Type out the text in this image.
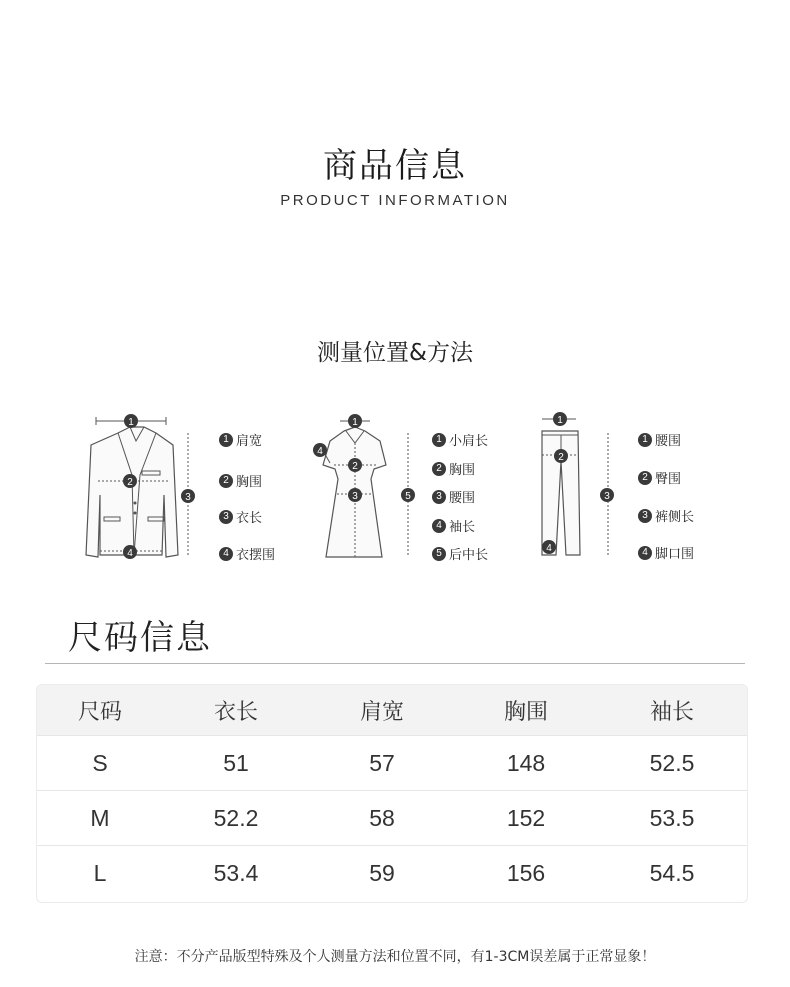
商品信息
PRODUCT INFORMATION
测量位置&方法
1
2
3
4
1
2
3
4
5
1
2
3
4
1 肩宽
2 胸围
3 衣长
4 衣摆围
1 小肩长
2 胸围
3 腰围
4 袖长
5 后中长
1 腰围
2 臀围
3 裤侧长
4 脚口围
尺码信息
尺码	衣长	肩宽	胸围	袖长
S	51	57	148	52.5
M	52.2	58	152	53.5
L	53.4	59	156	54.5
注意：不分产品版型特殊及个人测量方法和位置不同，有1-3CM误差属于正常显象！
